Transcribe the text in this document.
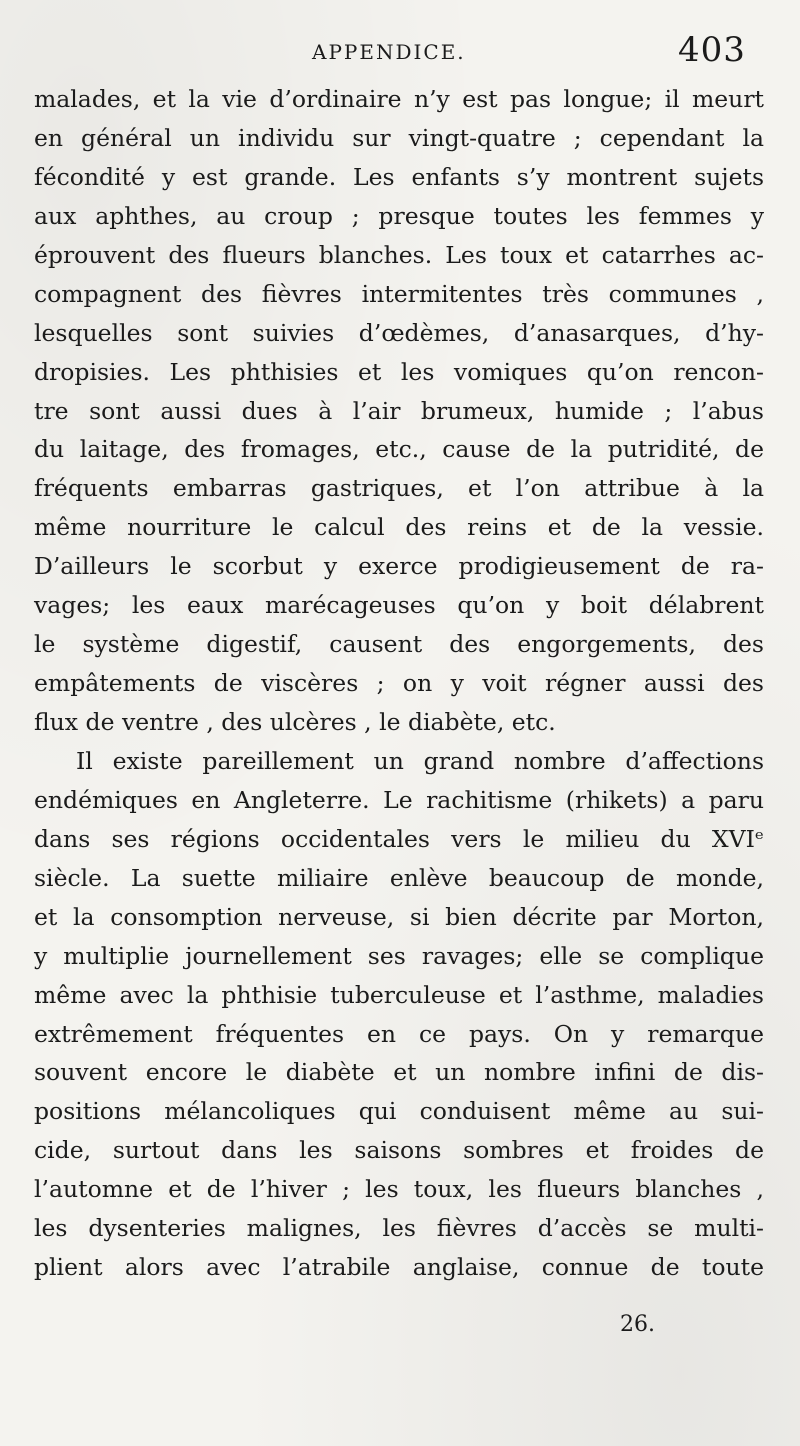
APPENDICE.	403
malades, et la vie d’ordinaire n’y est pas longue; il meurt
en général un individu sur vingt-quatre ; cependant la
fécondité y est grande. Les enfants s’y montrent sujets
aux aphthes, au croup ; presque toutes les femmes y
éprouvent des flueurs blanches. Les toux et catarrhes ac-
compagnent des fièvres intermitentes très communes ,
lesquelles sont suivies d’œdèmes, d’anasarques, d’hy-
dropisies. Les phthisies et les vomiques qu’on rencon-
tre sont aussi dues à l’air brumeux, humide ; l’abus
du laitage, des fromages, etc., cause de la putridité, de
fréquents embarras gastriques, et l’on attribue à la
même nourriture le calcul des reins et de la vessie.
D’ailleurs le scorbut y exerce prodigieusement de ra-
vages; les eaux marécageuses qu’on y boit délabrent
le système digestif, causent des engorgements, des
empâtements de viscères ; on y voit régner aussi des
flux de ventre , des ulcères , le diabète, etc.
Il existe pareillement un grand nombre d’affections
endémiques en Angleterre. Le rachitisme (rhikets) a paru
dans ses régions occidentales vers le milieu du XVIᵉ
siècle. La suette miliaire enlève beaucoup de monde,
et la consomption nerveuse, si bien décrite par Morton,
y multiplie journellement ses ravages; elle se complique
même avec la phthisie tuberculeuse et l’asthme, maladies
extrêmement fréquentes en ce pays. On y remarque
souvent encore le diabète et un nombre infini de dis-
positions mélancoliques qui conduisent même au sui-
cide, surtout dans les saisons sombres et froides de
l’automne et de l’hiver ; les toux, les flueurs blanches ,
les dysenteries malignes, les fièvres d’accès se multi-
plient alors avec l’atrabile anglaise, connue de toute
26.
